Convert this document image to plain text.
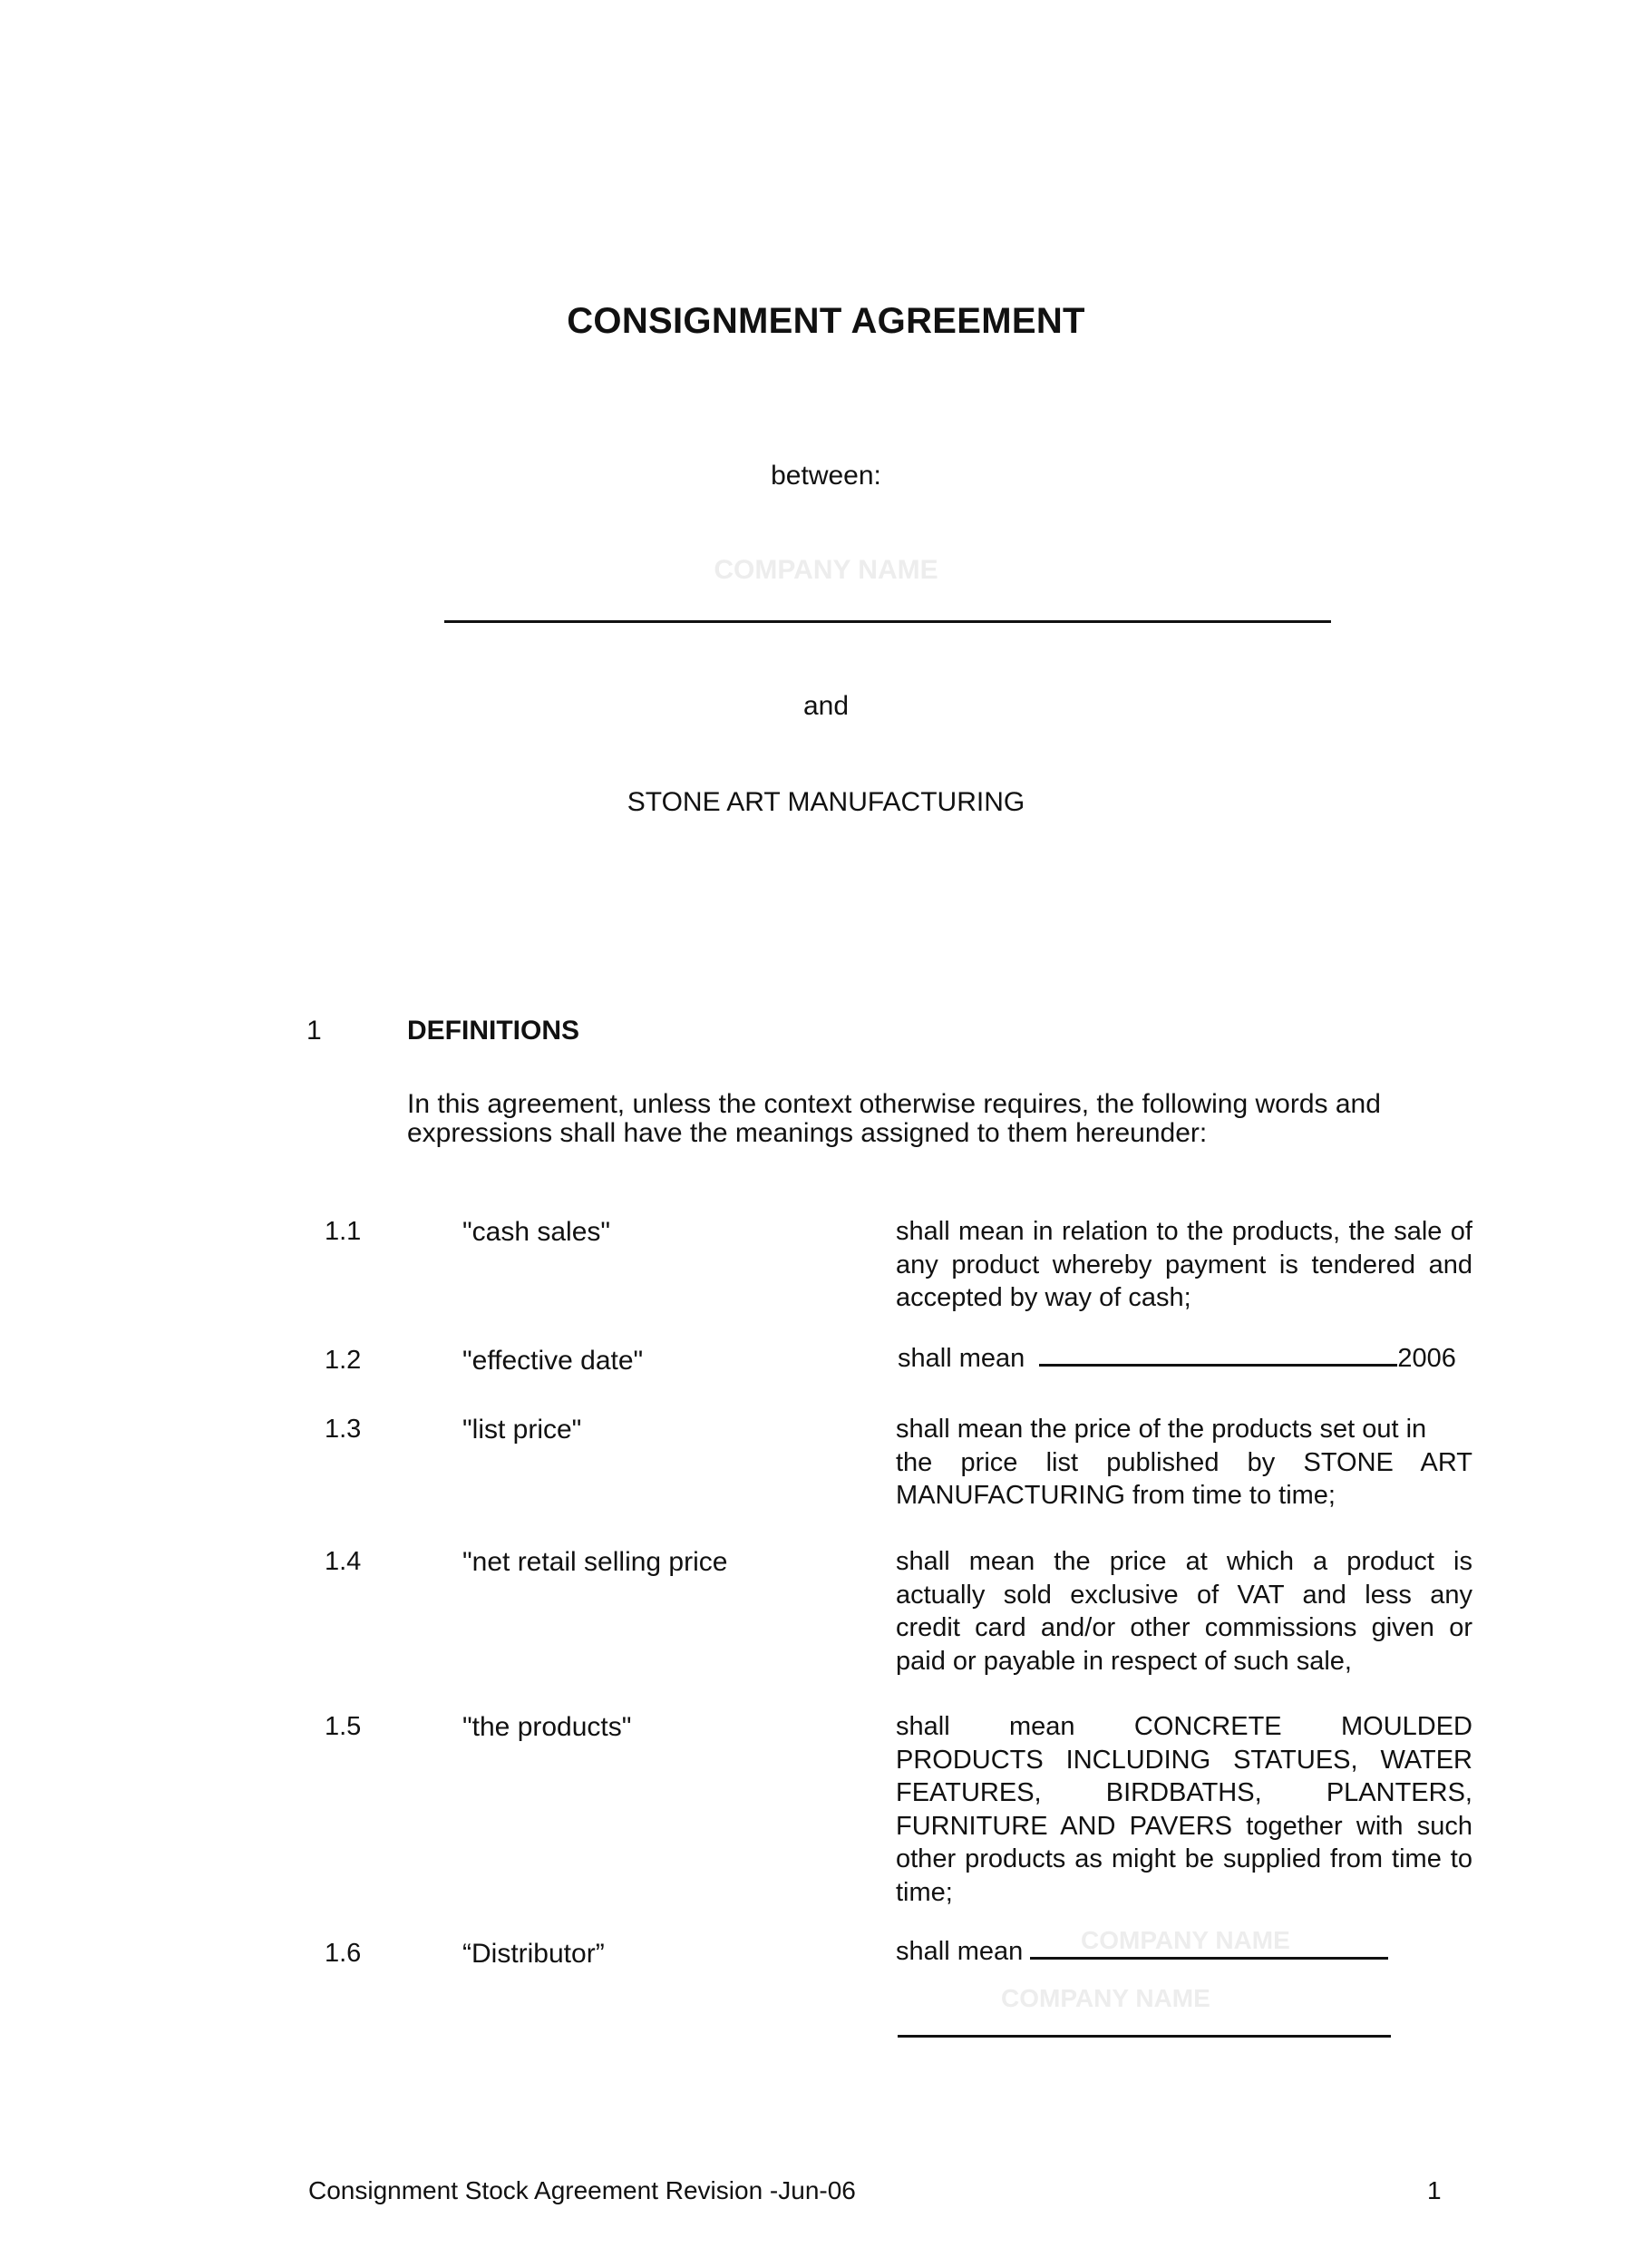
CONSIGNMENT AGREEMENT
between:
COMPANY NAME
and
STONE ART MANUFACTURING
1	DEFINITIONS
In this agreement, unless the context otherwise requires, the following words and
expressions shall have the meanings assigned to them hereunder:
1.1	"cash sales"	shall mean in relation to the products, the sale of
any product whereby payment is tendered and
accepted by way of cash;
1.2	"effective date"	shall mean	2006
1.3	"list price"	shall mean the price of the products set out in
the price list published by STONE ART
MANUFACTURING from time to time;
1.4	"net retail selling price	shall mean the price at which a product is
actually sold exclusive of VAT and less any
credit card and/or other commissions given or
paid or payable in respect of such sale,
1.5	"the products"	shall mean CONCRETE MOULDED
PRODUCTS INCLUDING STATUES, WATER
FEATURES, BIRDBATHS, PLANTERS,
FURNITURE AND PAVERS together with such
other products as might be supplied from time to
time;
1.6	“Distributor”	shall mean	COMPANY NAME
COMPANY NAME
Consignment Stock Agreement Revision -Jun-06	1
